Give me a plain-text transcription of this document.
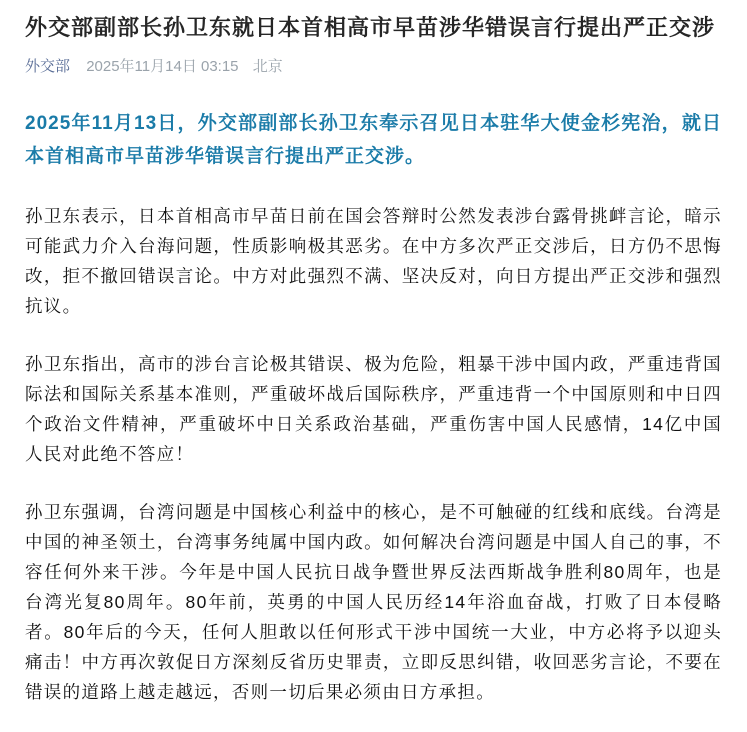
外交部副部长孙卫东就日本首相高市早苗涉华错误言行提出严正交涉
外交部 2025年11月14日 03:15 北京

2025年11月13日，外交部副部长孙卫东奉示召见日本驻华大使金杉宪治，就日本首相高市早苗涉华错误言行提出严正交涉。

孙卫东表示，日本首相高市早苗日前在国会答辩时公然发表涉台露骨挑衅言论，暗示可能武力介入台海问题，性质影响极其恶劣。在中方多次严正交涉后，日方仍不思悔改，拒不撤回错误言论。中方对此强烈不满、坚决反对，向日方提出严正交涉和强烈抗议。

孙卫东指出，高市的涉台言论极其错误、极为危险，粗暴干涉中国内政，严重违背国际法和国际关系基本准则，严重破坏战后国际秩序，严重违背一个中国原则和中日四个政治文件精神，严重破坏中日关系政治基础，严重伤害中国人民感情，14亿中国人民对此绝不答应！

孙卫东强调，台湾问题是中国核心利益中的核心，是不可触碰的红线和底线。台湾是中国的神圣领土，台湾事务纯属中国内政。如何解决台湾问题是中国人自己的事，不容任何外来干涉。今年是中国人民抗日战争暨世界反法西斯战争胜利80周年，也是台湾光复80周年。80年前，英勇的中国人民历经14年浴血奋战，打败了日本侵略者。80年后的今天，任何人胆敢以任何形式干涉中国统一大业，中方必将予以迎头痛击！中方再次敦促日方深刻反省历史罪责，立即反思纠错，收回恶劣言论，不要在错误的道路上越走越远，否则一切后果必须由日方承担。
